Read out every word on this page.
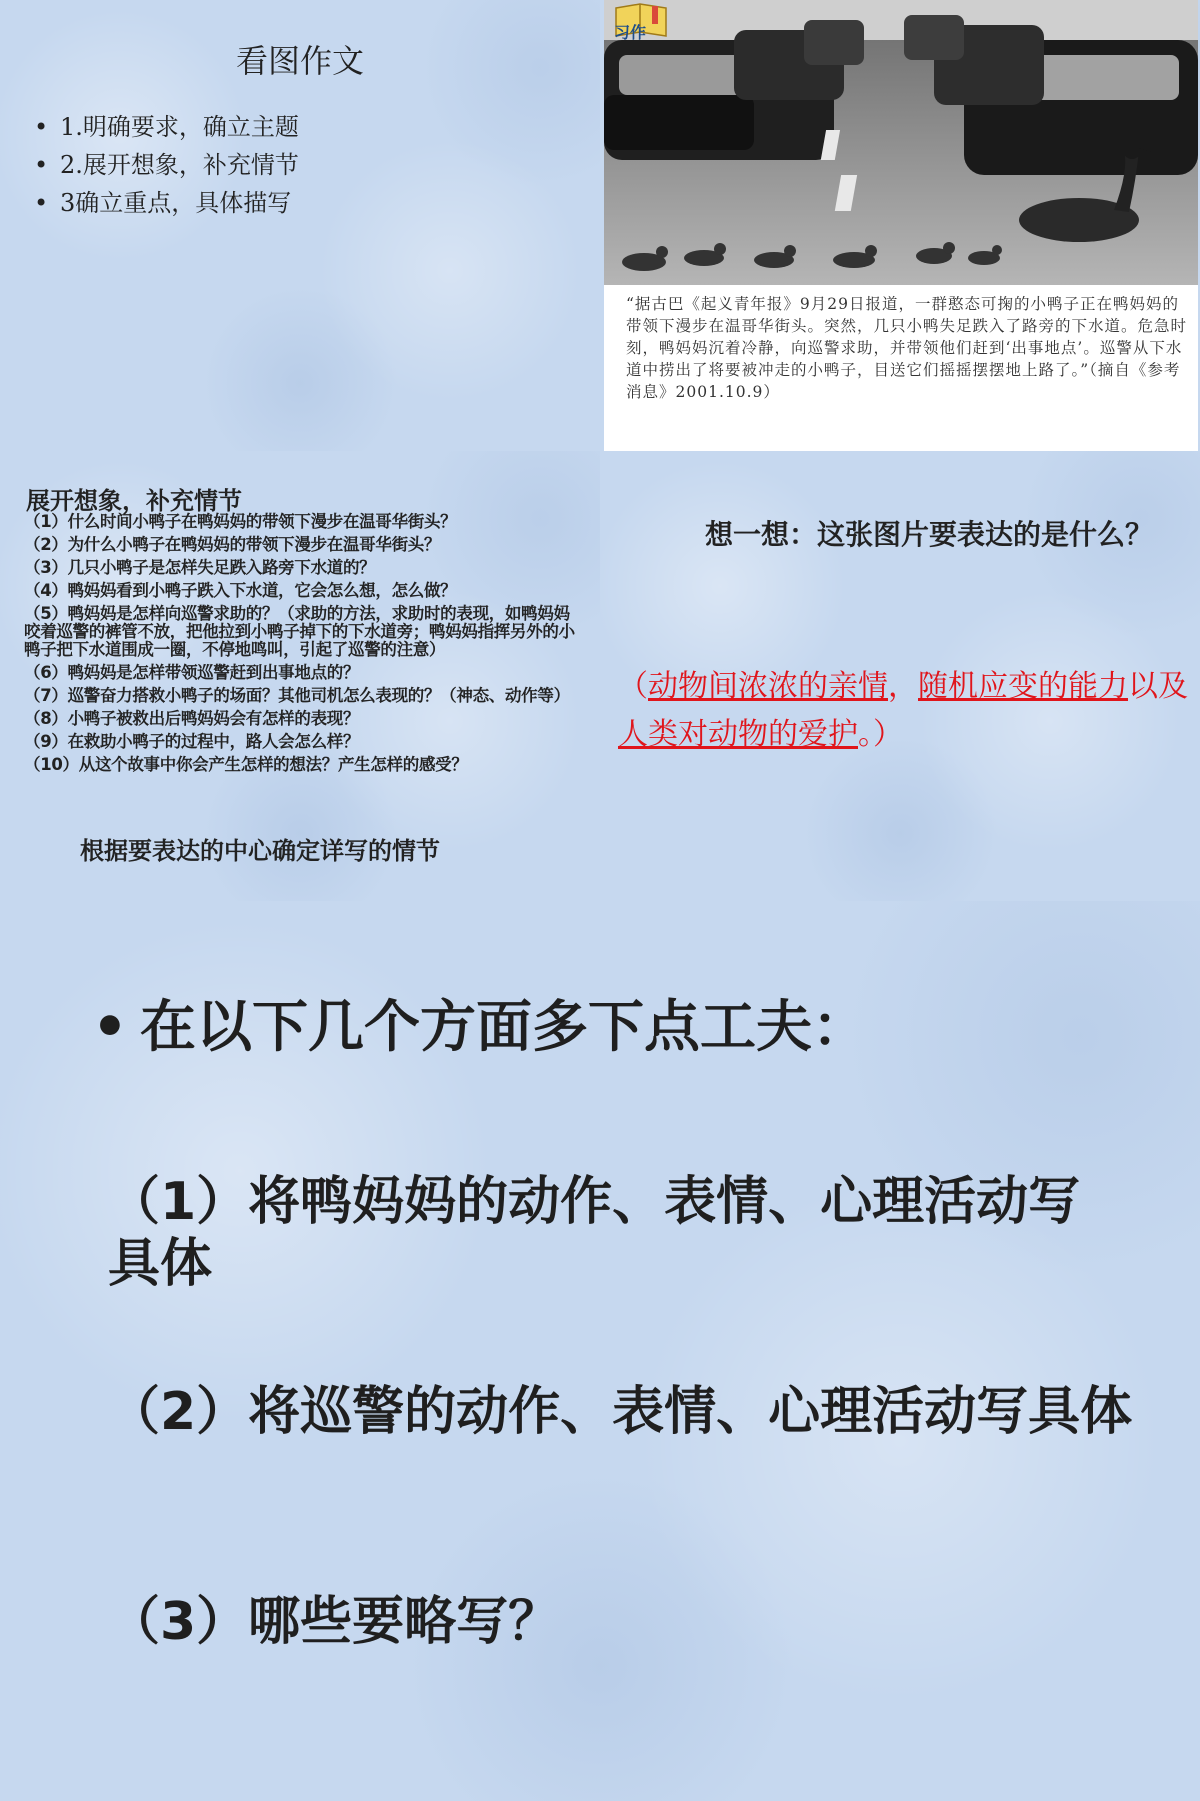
看图作文
• 1.明确要求，确立主题
• 2.展开想象，补充情节
• 3确立重点，具体描写
习作

“据古巴《起义青年报》9月29日报道，一群憨态可掬的小鸭子正在鸭妈妈的带领下漫步在温哥华街头。突然，几只小鸭失足跌入了路旁的下水道。危急时刻，鸭妈妈沉着冷静，向巡警求助，并带领他们赶到‘出事地点’。巡警从下水道中捞出了将要被冲走的小鸭子，目送它们摇摇摆摆地上路了。”（摘自《参考消息》2001.10.9）

展开想象，补充情节
（1）什么时间小鸭子在鸭妈妈的带领下漫步在温哥华街头？
（2）为什么小鸭子在鸭妈妈的带领下漫步在温哥华街头？
（3）几只小鸭子是怎样失足跌入路旁下水道的？
（4）鸭妈妈看到小鸭子跌入下水道，它会怎么想，怎么做？
（5）鸭妈妈是怎样向巡警求助的？（求助的方法，求助时的表现，如鸭妈妈咬着巡警的裤管不放，把他拉到小鸭子掉下的下水道旁；鸭妈妈指挥另外的小鸭子把下水道围成一圈，不停地鸣叫，引起了巡警的注意）
（6）鸭妈妈是怎样带领巡警赶到出事地点的？
（7）巡警奋力搭救小鸭子的场面？其他司机怎么表现的？（神态、动作等）
（8）小鸭子被救出后鸭妈妈会有怎样的表现？
（9）在救助小鸭子的过程中，路人会怎么样？
（10）从这个故事中你会产生怎样的想法？产生怎样的感受？
根据要表达的中心确定详写的情节

想一想：这张图片要表达的是什么？

（动物间浓浓的亲情，随机应变的能力以及人类对动物的爱护。）

• 在以下几个方面多下点工夫：

（1）将鸭妈妈的动作、表情、心理活动写具体

（2）将巡警的动作、表情、心理活动写具体

（3）哪些要略写？
